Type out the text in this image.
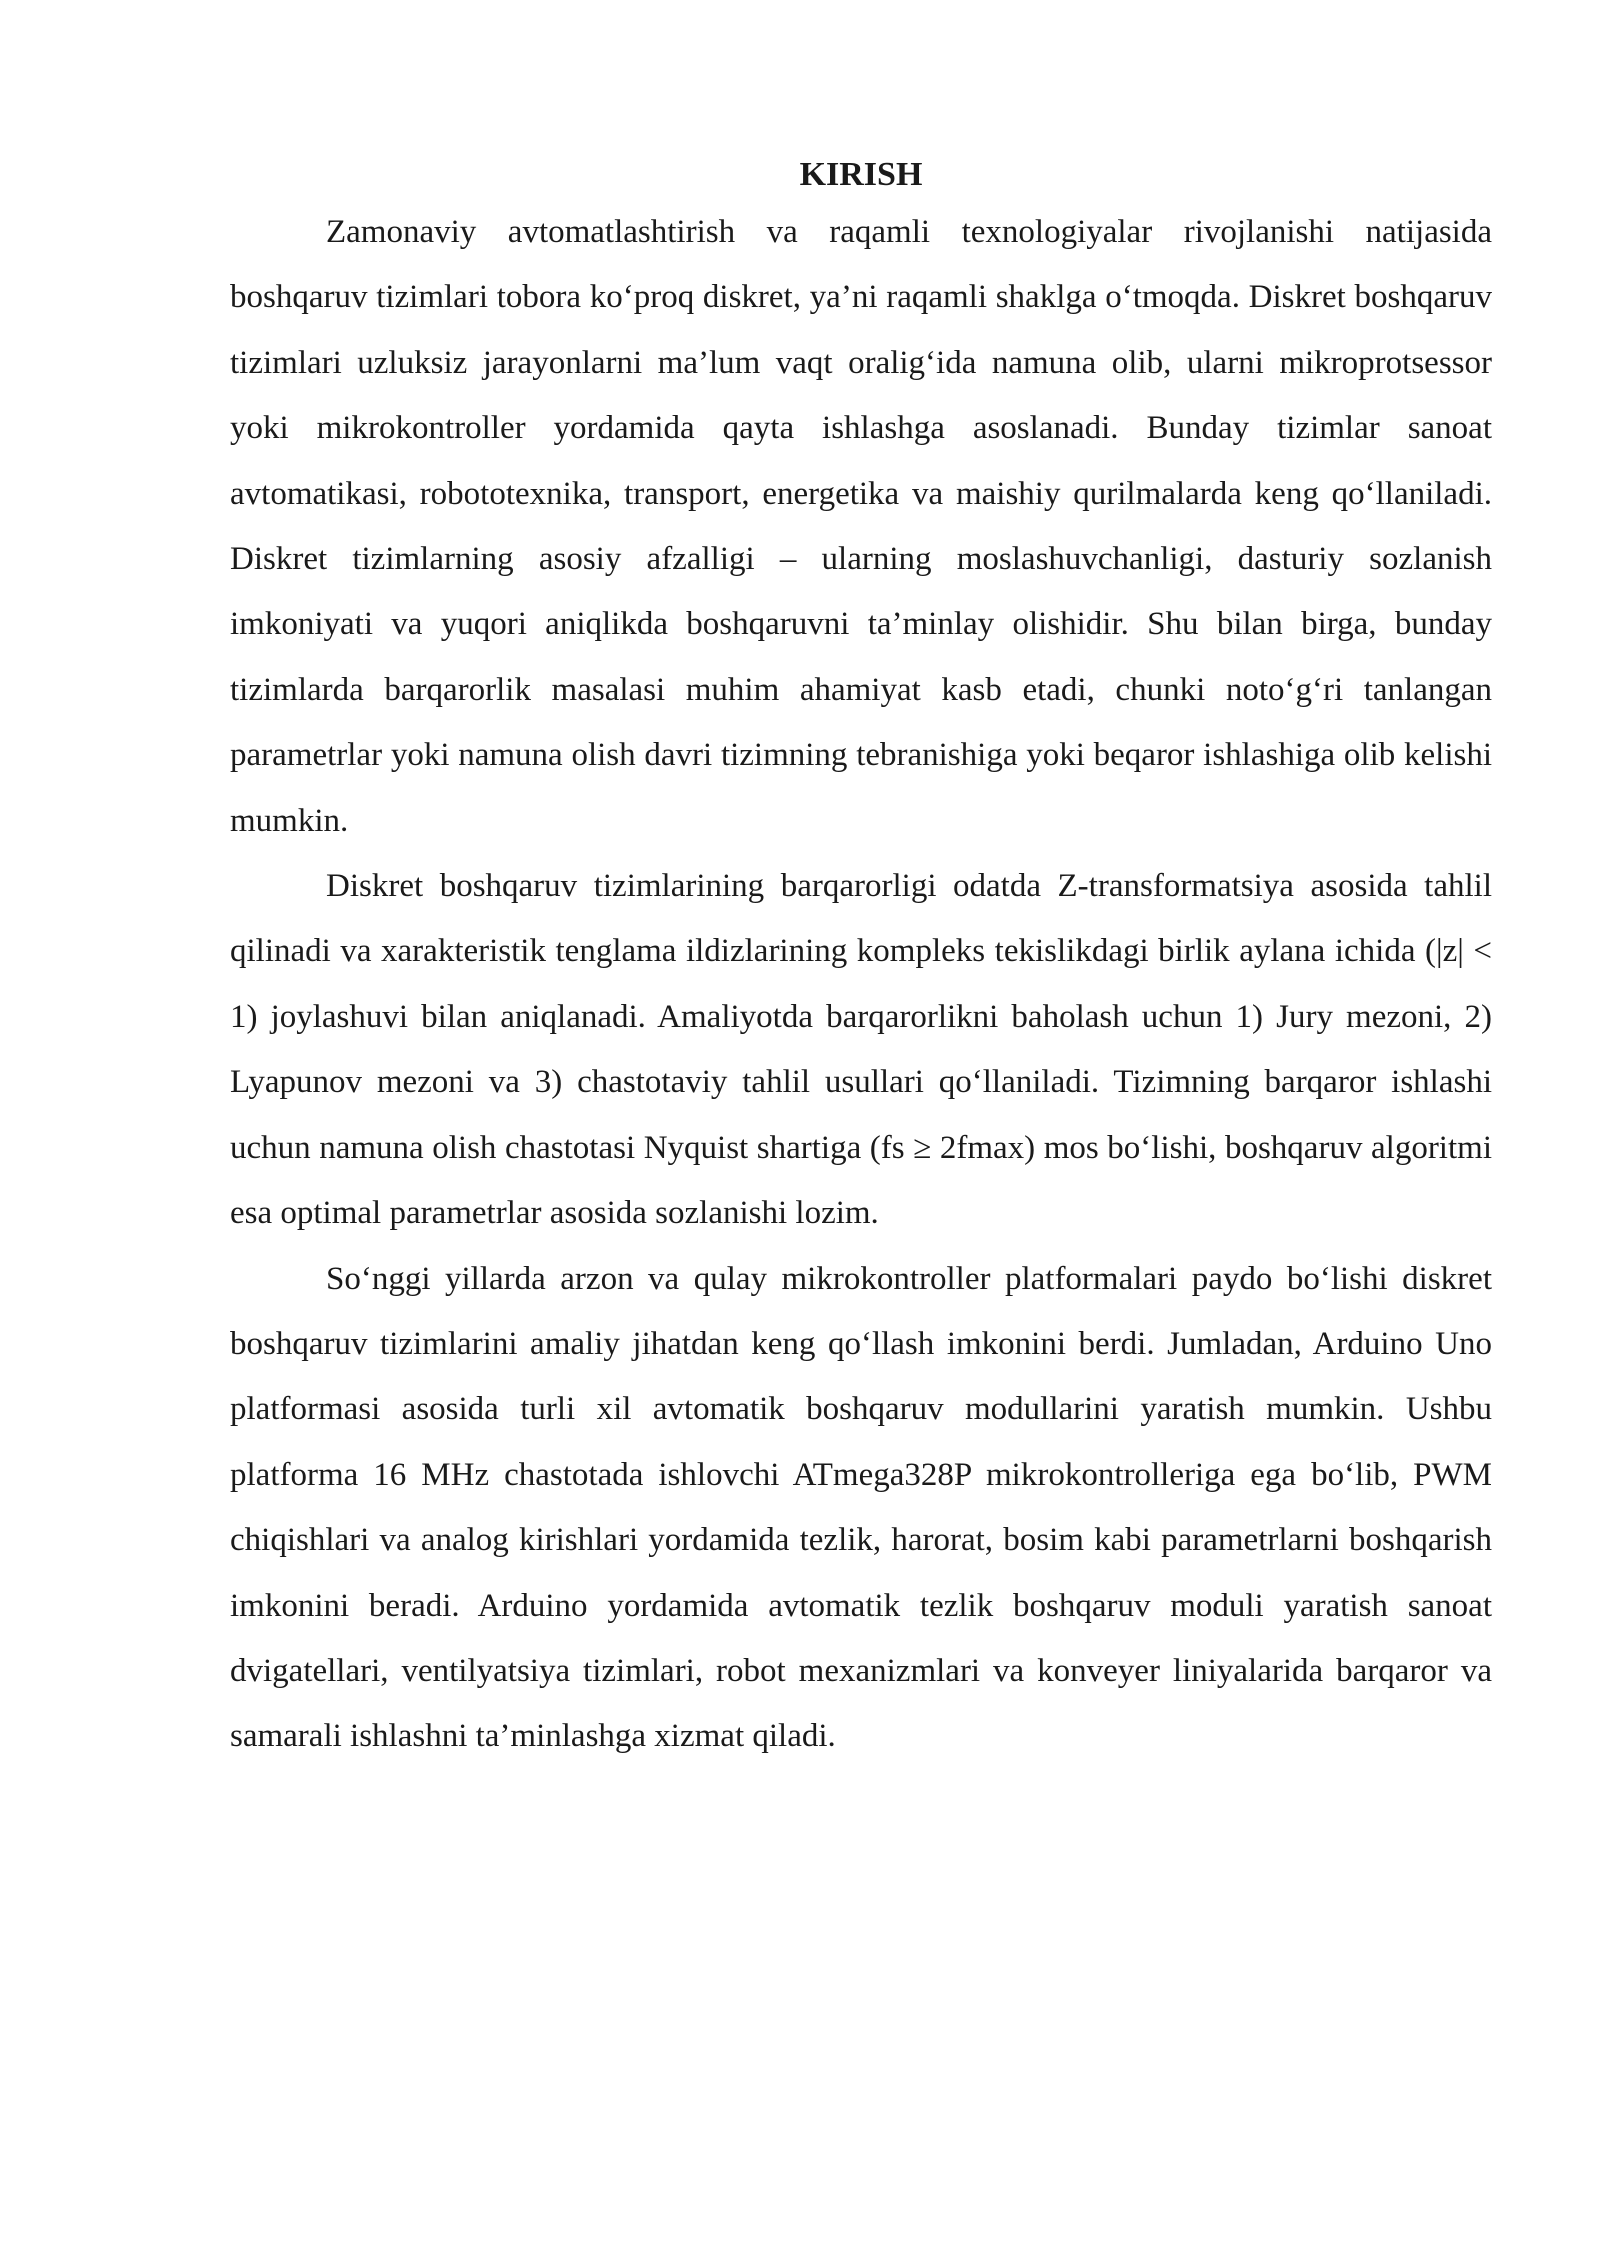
KIRISH

Zamonaviy avtomatlashtirish va raqamli texnologiyalar rivojlanishi natijasida boshqaruv tizimlari tobora ko‘proq diskret, ya’ni raqamli shaklga o‘tmoqda. Diskret boshqaruv tizimlari uzluksiz jarayonlarni ma’lum vaqt oralig‘ida namuna olib, ularni mikroprotsessor yoki mikrokontroller yordamida qayta ishlashga asoslanadi. Bunday tizimlar sanoat avtomatikasi, robototexnika, transport, energetika va maishiy qurilmalarda keng qo‘llaniladi. Diskret tizimlarning asosiy afzalligi – ularning moslashuvchanligi, dasturiy sozlanish imkoniyati va yuqori aniqlikda boshqaruvni ta’minlay olishidir. Shu bilan birga, bunday tizimlarda barqarorlik masalasi muhim ahamiyat kasb etadi, chunki noto‘g‘ri tanlangan parametrlar yoki namuna olish davri tizimning tebranishiga yoki beqaror ishlashiga olib kelishi mumkin.

Diskret boshqaruv tizimlarining barqarorligi odatda Z-transformatsiya asosida tahlil qilinadi va xarakteristik tenglama ildizlarining kompleks tekislikdagi birlik aylana ichida (|z| < 1) joylashuvi bilan aniqlanadi. Amaliyotda barqarorlikni baholash uchun 1) Jury mezoni, 2) Lyapunov mezoni va 3) chastotaviy tahlil usullari qo‘llaniladi. Tizimning barqaror ishlashi uchun namuna olish chastotasi Nyquist shartiga (fs ≥ 2fmax) mos bo‘lishi, boshqaruv algoritmi esa optimal parametrlar asosida sozlanishi lozim.

So‘nggi yillarda arzon va qulay mikrokontroller platformalari paydo bo‘lishi diskret boshqaruv tizimlarini amaliy jihatdan keng qo‘llash imkonini berdi. Jumladan, Arduino Uno platformasi asosida turli xil avtomatik boshqaruv modullarini yaratish mumkin. Ushbu platforma 16 MHz chastotada ishlovchi ATmega328P mikrokontrolleriga ega bo‘lib, PWM chiqishlari va analog kirishlari yordamida tezlik, harorat, bosim kabi parametrlarni boshqarish imkonini beradi. Arduino yordamida avtomatik tezlik boshqaruv moduli yaratish sanoat dvigatellari, ventilyatsiya tizimlari, robot mexanizmlari va konveyer liniyalarida barqaror va samarali ishlashni ta’minlashga xizmat qiladi.
